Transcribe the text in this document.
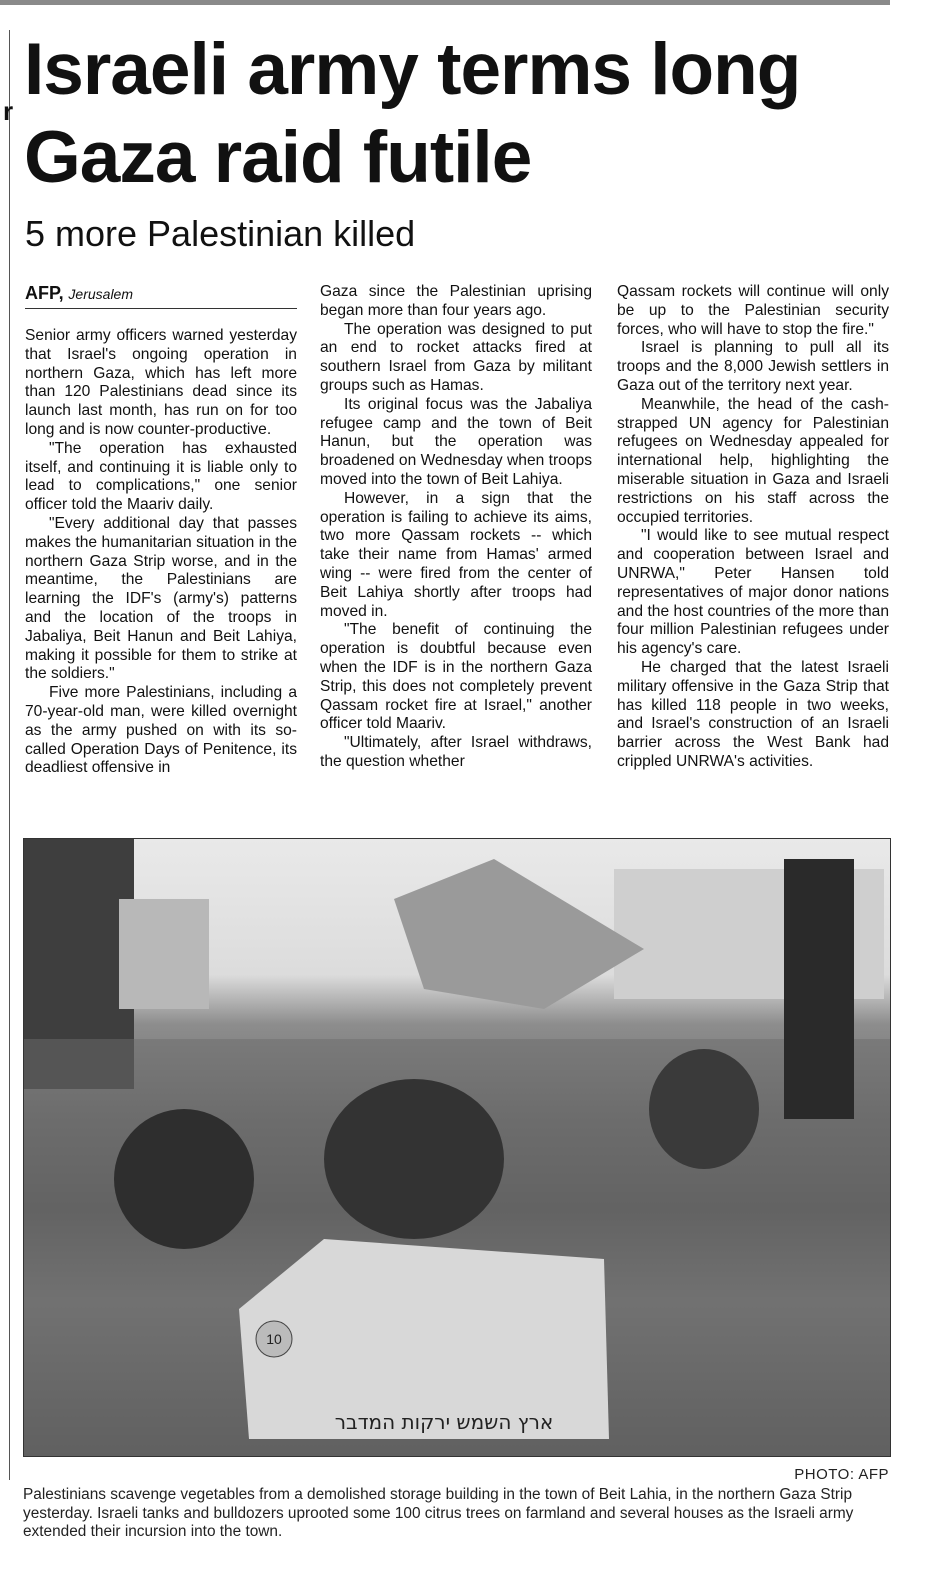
r
Israeli army terms long Gaza raid futile
5 more Palestinian killed
AFP, Jerusalem

Senior army officers warned yesterday that Israel's ongoing operation in northern Gaza, which has left more than 120 Palestinians dead since its launch last month, has run on for too long and is now counter-productive.

"The operation has exhausted itself, and continuing it is liable only to lead to complications," one senior officer told the Maariv daily.

"Every additional day that passes makes the humanitarian situation in the northern Gaza Strip worse, and in the meantime, the Palestinians are learning the IDF's (army's) patterns and the location of the troops in Jabaliya, Beit Hanun and Beit Lahiya, making it possible for them to strike at the soldiers."

Five more Palestinians, including a 70-year-old man, were killed overnight as the army pushed on with its so-called Operation Days of Penitence, its deadliest offensive in

Gaza since the Palestinian uprising began more than four years ago.

The operation was designed to put an end to rocket attacks fired at southern Israel from Gaza by militant groups such as Hamas.

Its original focus was the Jabaliya refugee camp and the town of Beit Hanun, but the operation was broadened on Wednesday when troops moved into the town of Beit Lahiya.

However, in a sign that the operation is failing to achieve its aims, two more Qassam rockets -- which take their name from Hamas' armed wing -- were fired from the center of Beit Lahiya shortly after troops had moved in.

"The benefit of continuing the operation is doubtful because even when the IDF is in the northern Gaza Strip, this does not completely prevent Qassam rocket fire at Israel," another officer told Maariv.

"Ultimately, after Israel withdraws, the question whether

Qassam rockets will continue will only be up to the Palestinian security forces, who will have to stop the fire."

Israel is planning to pull all its troops and the 8,000 Jewish settlers in Gaza out of the territory next year.

Meanwhile, the head of the cash-strapped UN agency for Palestinian refugees on Wednesday appealed for international help, highlighting the miserable situation in Gaza and Israeli restrictions on his staff across the occupied territories.

"I would like to see mutual respect and cooperation between Israel and UNRWA," Peter Hansen told representatives of major donor nations and the host countries of the more than four million Palestinian refugees under his agency's care.

He charged that the latest Israeli military offensive in the Gaza Strip that has killed 118 people in two weeks, and Israel's construction of an Israeli barrier across the West Bank had crippled UNRWA's activities.

10
ארץ השמש ירקות המדבר
PHOTO: AFP
Palestinians scavenge vegetables from a demolished storage building in the town of Beit Lahia, in the northern Gaza Strip yesterday. Israeli tanks and bulldozers uprooted some 100 citrus trees on farmland and several houses as the Israeli army extended their incursion into the town.
